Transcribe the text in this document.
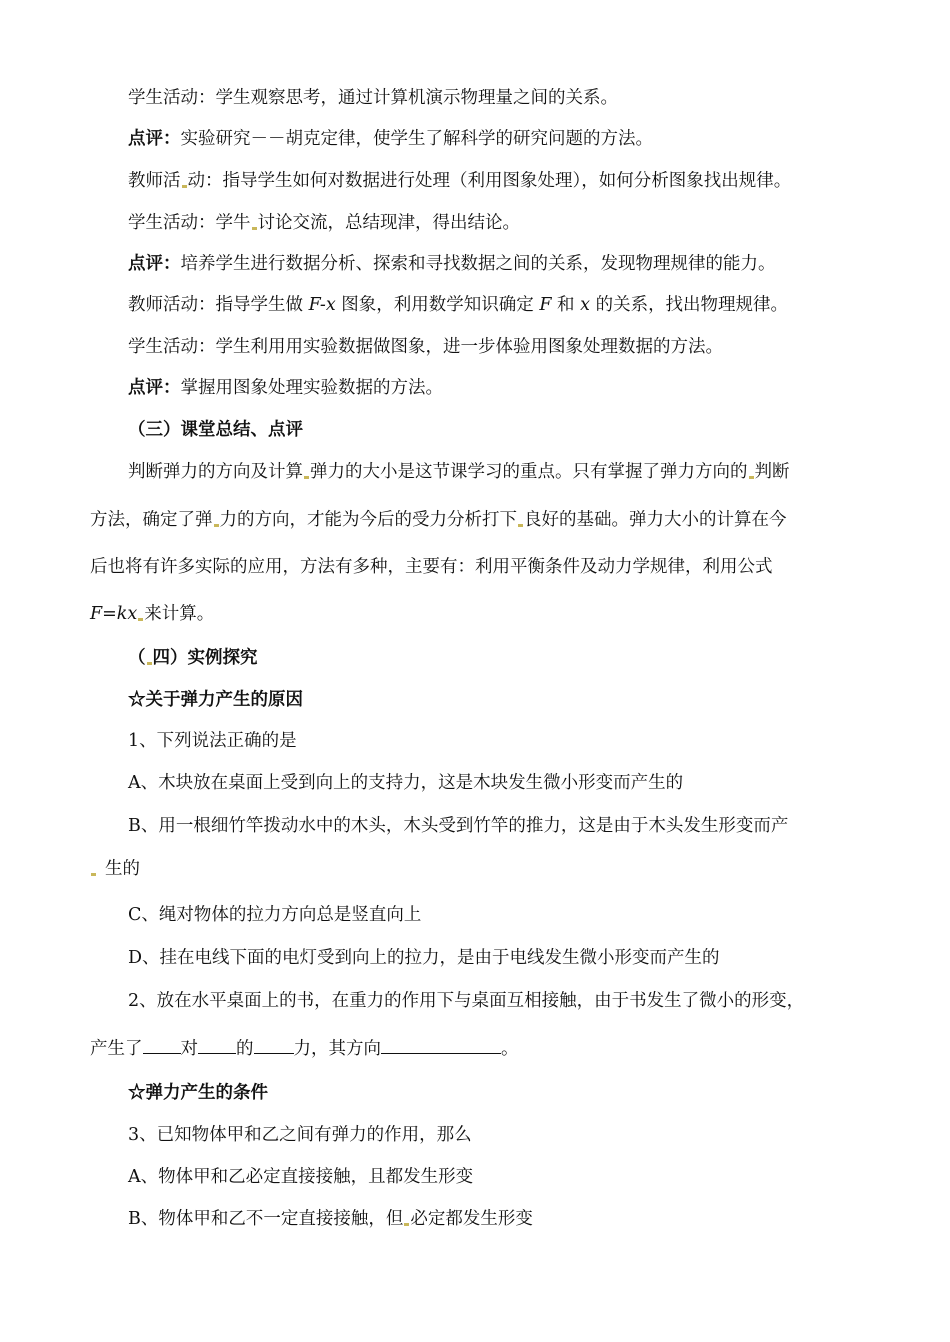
学生活动：学生观察思考，通过计算机演示物理量之间的关系。
点评：实验研究－－胡克定律，使学生了解科学的研究问题的方法。
教师活 动：指导学生如何对数据进行处理（利用图象处理），如何分析图象找出规律。
学生活动：学牛 讨论交流，总结现津，得出结论。
点评：培养学生进行数据分析、探索和寻找数据之间的关系，发现物理规律的能力。
教师活动：指导学生做 F-x 图象，利用数学知识确定 F 和 x 的关系，找出物理规律。
学生活动：学生利用用实验数据做图象，进一步体验用图象处理数据的方法。
点评：掌握用图象处理实验数据的方法。
（三）课堂总结、点评
判断弹力的方向及计算 弹力的大小是这节课学习的重点。只有掌握了弹力方向的 判断
方法，确定了弹 力的方向，才能为今后的受力分析打下 良好的基础。弹力大小的计算在今
后也将有许多实际的应用，方法有多种，主要有：利用平衡条件及动力学规律，利用公式
F=kx 来计算。
（ 四）实例探究
☆关于弹力产生的原因
1、下列说法正确的是
A、木块放在桌面上受到向上的支持力，这是木块发生微小形变而产生的
B、用一根细竹竿拨动水中的木头，木头受到竹竿的推力，这是由于木头发生形变而产
生的
C、绳对物体的拉力方向总是竖直向上
D、挂在电线下面的电灯受到向上的拉力，是由于电线发生微小形变而产生的
2、放在水平桌面上的书，在重力的作用下与桌面互相接触，由于书发生了微小的形变，
产生了 对 的 力，其方向	。
☆弹力产生的条件
3、已知物体甲和乙之间有弹力的作用，那么
A、物体甲和乙必定直接接触，且都发生形变
B、物体甲和乙不一定直接接触，但 必定都发生形变
